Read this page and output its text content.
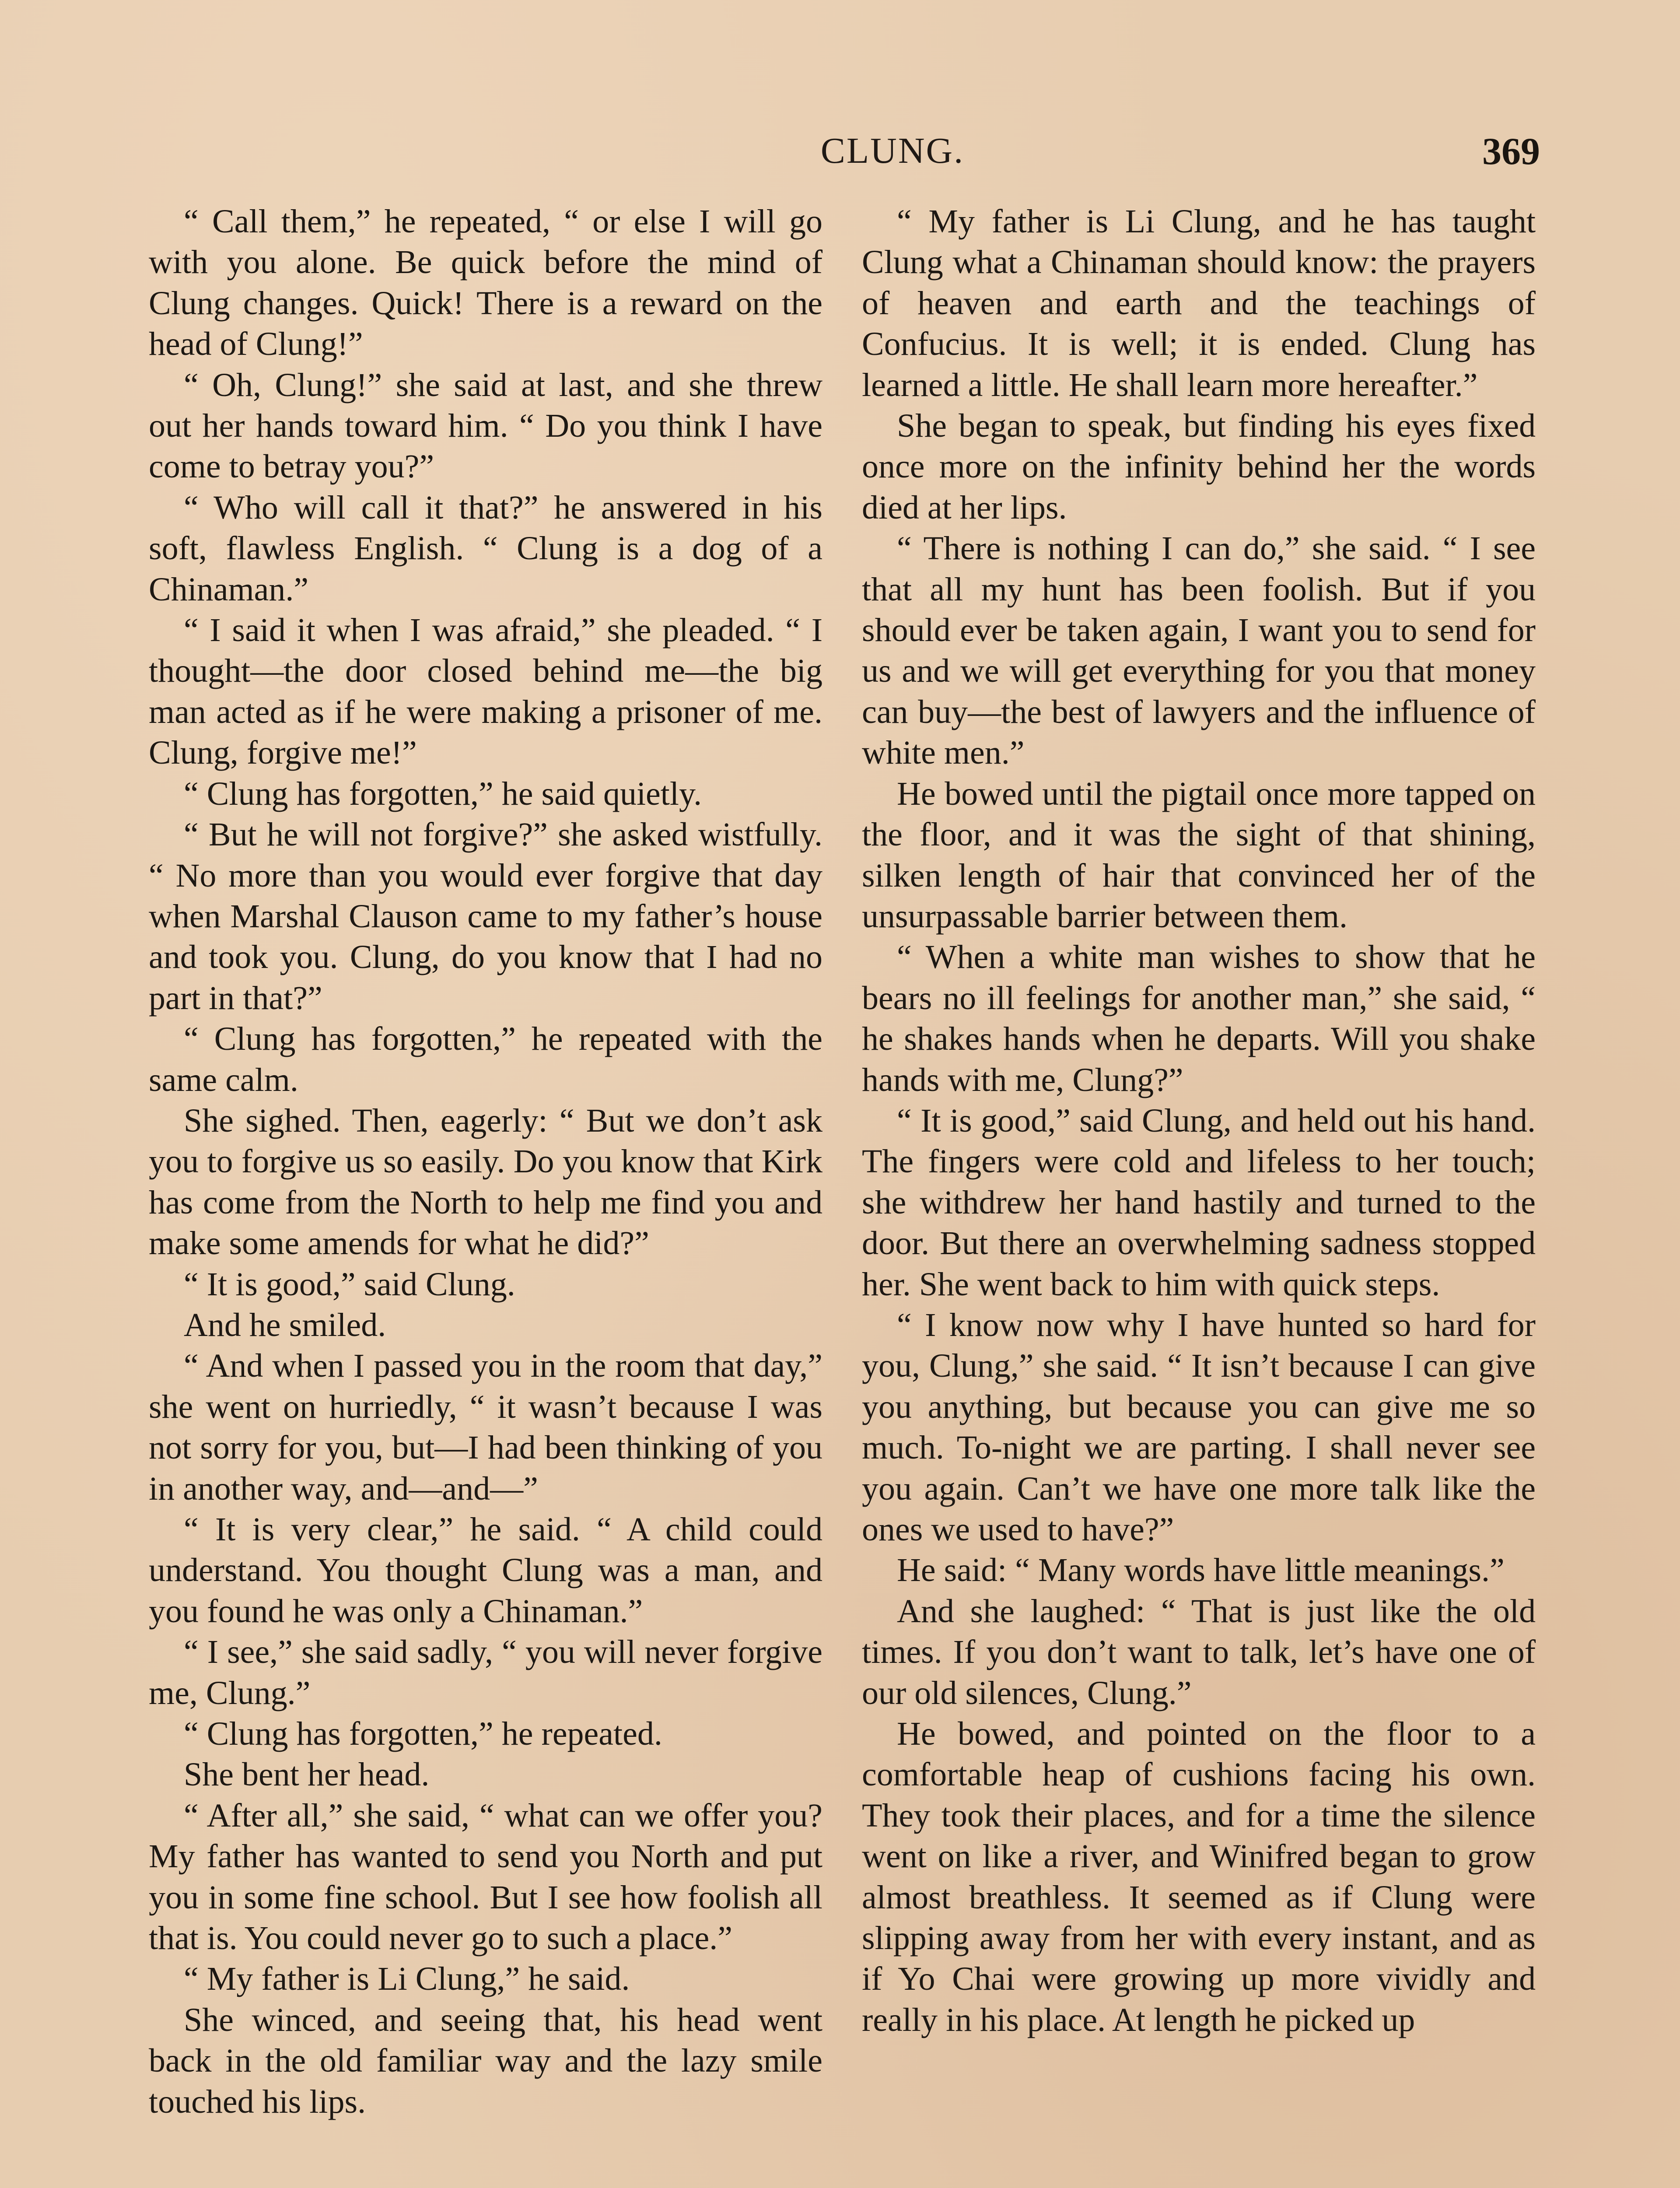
CLUNG.	369

“ Call them,” he repeated, “ or else I will go with you alone. Be quick before the mind of Clung changes. Quick! There is a reward on the head of Clung!”

“ Oh, Clung!” she said at last, and she threw out her hands toward him. “ Do you think I have come to betray you?”

“ Who will call it that?” he answered in his soft, flawless English. “ Clung is a dog of a Chinaman.”

“ I said it when I was afraid,” she pleaded. “ I thought—the door closed behind me—the big man acted as if he were making a prisoner of me. Clung, forgive me!”

“ Clung has forgotten,” he said quietly.

“ But he will not forgive?” she asked wistfully. “ No more than you would ever forgive that day when Marshal Clauson came to my father’s house and took you. Clung, do you know that I had no part in that?”

“ Clung has forgotten,” he repeated with the same calm.

She sighed. Then, eagerly: “ But we don’t ask you to forgive us so easily. Do you know that Kirk has come from the North to help me find you and make some amends for what he did?”

“ It is good,” said Clung.

And he smiled.

“ And when I passed you in the room that day,” she went on hurriedly, “ it wasn’t because I was not sorry for you, but—I had been thinking of you in another way, and—and—”

“ It is very clear,” he said. “ A child could understand. You thought Clung was a man, and you found he was only a Chinaman.”

“ I see,” she said sadly, “ you will never forgive me, Clung.”

“ Clung has forgotten,” he repeated.

She bent her head.

“ After all,” she said, “ what can we offer you? My father has wanted to send you North and put you in some fine school. But I see how foolish all that is. You could never go to such a place.”

“ My father is Li Clung,” he said.

She winced, and seeing that, his head went back in the old familiar way and the lazy smile touched his lips.

“ My father is Li Clung, and he has taught Clung what a Chinaman should know: the prayers of heaven and earth and the teachings of Confucius. It is well; it is ended. Clung has learned a little. He shall learn more hereafter.”

She began to speak, but finding his eyes fixed once more on the infinity behind her the words died at her lips.

“ There is nothing I can do,” she said. “ I see that all my hunt has been foolish. But if you should ever be taken again, I want you to send for us and we will get everything for you that money can buy—the best of lawyers and the influence of white men.”

He bowed until the pigtail once more tapped on the floor, and it was the sight of that shining, silken length of hair that convinced her of the unsurpassable barrier between them.

“ When a white man wishes to show that he bears no ill feelings for another man,” she said, “ he shakes hands when he departs. Will you shake hands with me, Clung?”

“ It is good,” said Clung, and held out his hand. The fingers were cold and lifeless to her touch; she withdrew her hand hastily and turned to the door. But there an overwhelming sadness stopped her. She went back to him with quick steps.

“ I know now why I have hunted so hard for you, Clung,” she said. “ It isn’t because I can give you anything, but because you can give me so much. To-night we are parting. I shall never see you again. Can’t we have one more talk like the ones we used to have?”

He said: “ Many words have little meanings.”

And she laughed: “ That is just like the old times. If you don’t want to talk, let’s have one of our old silences, Clung.”

He bowed, and pointed on the floor to a comfortable heap of cushions facing his own. They took their places, and for a time the silence went on like a river, and Winifred began to grow almost breathless. It seemed as if Clung were slipping away from her with every instant, and as if Yo Chai were growing up more vividly and really in his place. At length he picked up
